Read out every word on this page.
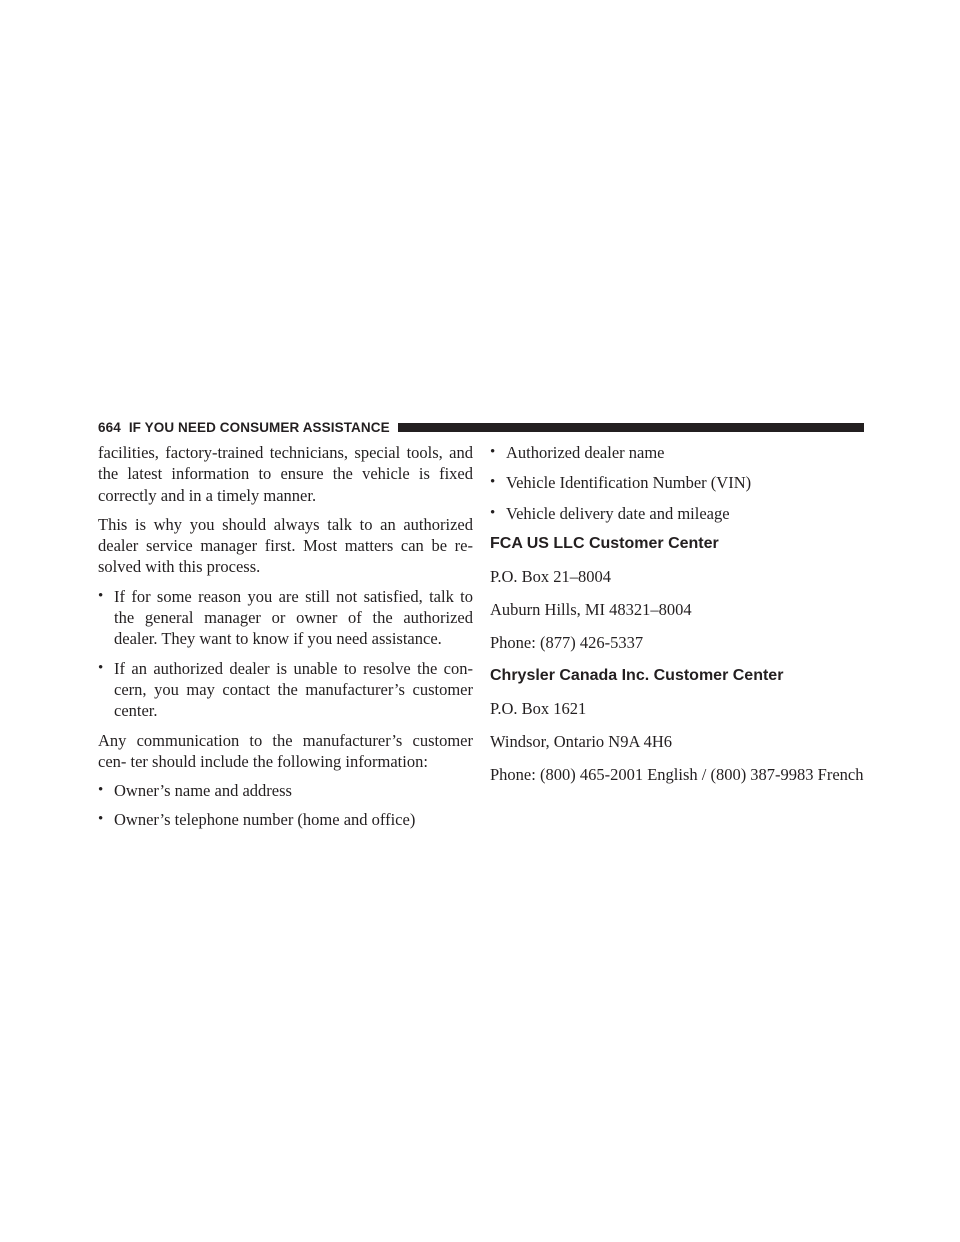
664 IF YOU NEED CONSUMER ASSISTANCE

facilities, factory-trained technicians, special tools, and the latest information to ensure the vehicle is fixed correctly and in a timely manner.

This is why you should always talk to an authorized dealer service manager first. Most matters can be re- solved with this process.

• If for some reason you are still not satisfied, talk to the general manager or owner of the authorized dealer. They want to know if you need assistance.
• If an authorized dealer is unable to resolve the con- cern, you may contact the manufacturer’s customer center.

Any communication to the manufacturer’s customer cen- ter should include the following information:

• Owner’s name and address
• Owner’s telephone number (home and office)
• Authorized dealer name
• Vehicle Identification Number (VIN)
• Vehicle delivery date and mileage
FCA US LLC Customer Center

P.O. Box 21–8004

Auburn Hills, MI 48321–8004

Phone: (877) 426-5337

Chrysler Canada Inc. Customer Center

P.O. Box 1621

Windsor, Ontario N9A 4H6

Phone: (800) 465-2001 English / (800) 387-9983 French
